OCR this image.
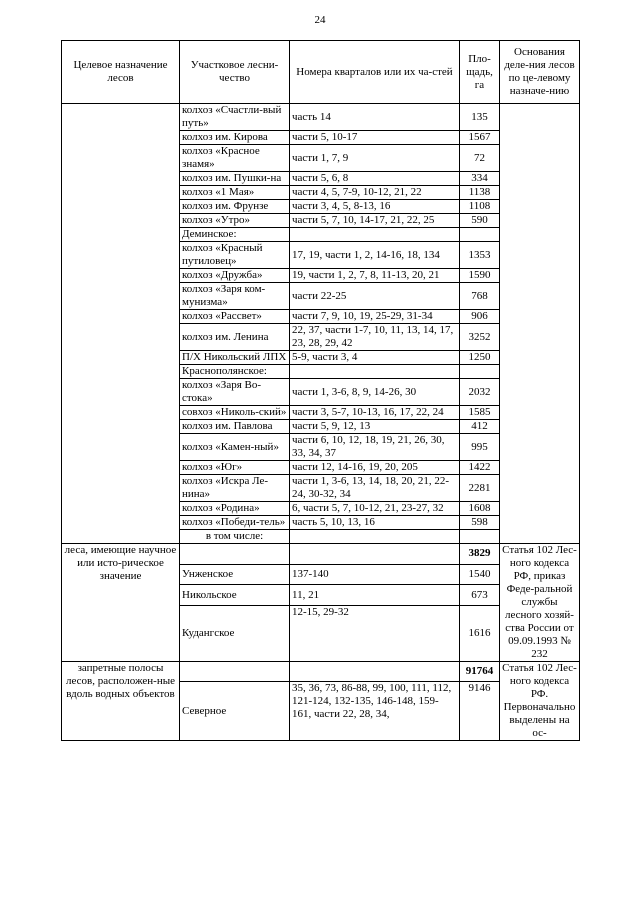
24
Целевое назначение лесов	Участковое лесни-чество	Номера кварталов или их ча-стей	Пло-щадь, га	Основания деле-ния лесов по це-левому назначе-нию	
	колхоз «Счастли-вый путь»	часть 14	135		
	колхоз им. Кирова	части 5, 10-17	1567		
	колхоз «Красное знамя»	части 1, 7, 9	72		
	колхоз им. Пушки-на	части 5, 6, 8	334		
	колхоз «1 Мая»	части 4, 5, 7-9, 10-12, 21, 22	1138		
	колхоз им. Фрунзе	части 3, 4, 5, 8-13, 16	1108		
	колхоз «Утро»	части 5, 7, 10, 14-17, 21, 22, 25	590		
	Деминское:				
	колхоз «Красный путиловец»	17, 19, части 1, 2, 14-16, 18, 134	1353		
	колхоз «Дружба»	19, части 1, 2, 7, 8, 11-13, 20, 21	1590		
	колхоз «Заря ком-мунизма»	части 22-25	768		
	колхоз «Рассвет»	части 7, 9, 10, 19, 25-29, 31-34	906		
	колхоз им. Ленина	22, 37, части 1-7, 10, 11, 13, 14, 17, 23, 28, 29, 42	3252		
	П/Х Никольский ЛПХ	5-9, части 3, 4	1250		
	Краснополянское:				
	колхоз «Заря Во-стока»	части 1, 3-6, 8, 9, 14-26, 30	2032		
	совхоз «Николь-ский»	части 3, 5-7, 10-13, 16, 17, 22, 24	1585		
	колхоз им. Павлова	части 5, 9, 12, 13	412		
	колхоз «Камен-ный»	части 6, 10, 12, 18, 19, 21, 26, 30, 33, 34, 37	995		
	колхоз «Юг»	части 12, 14-16, 19, 20, 205	1422		
	колхоз «Искра Ле-нина»	части 1, 3-6, 13, 14, 18, 20, 21, 22-24, 30-32, 34	2281		
	колхоз «Родина»	6, части 5, 7, 10-12, 21, 23-27, 32	1608		
	колхоз «Победи-тель»	часть 5, 10, 13, 16	598		
	в том числе:				
леса, имеющие научное или исто-рическое значение			3829	Статья 102 Лес-ного кодекса РФ, приказ Феде-ральной службы лесного хозяй-ства России от 09.09.1993 № 232	
	Унженское	137-140	1540		
	Никольское	11, 21	673		
	Кудангское	12-15, 29-32	1616		
запретные полосы лесов, расположен-ные вдоль водных объектов			91764	Статья 102 Лес-ного кодекса РФ. Первоначально выделены на ос-	
	Северное	35, 36, 73, 86-88, 99, 100, 111, 112, 121-124, 132-135, 146-148, 159-161, части 22, 28, 34,	9146		
